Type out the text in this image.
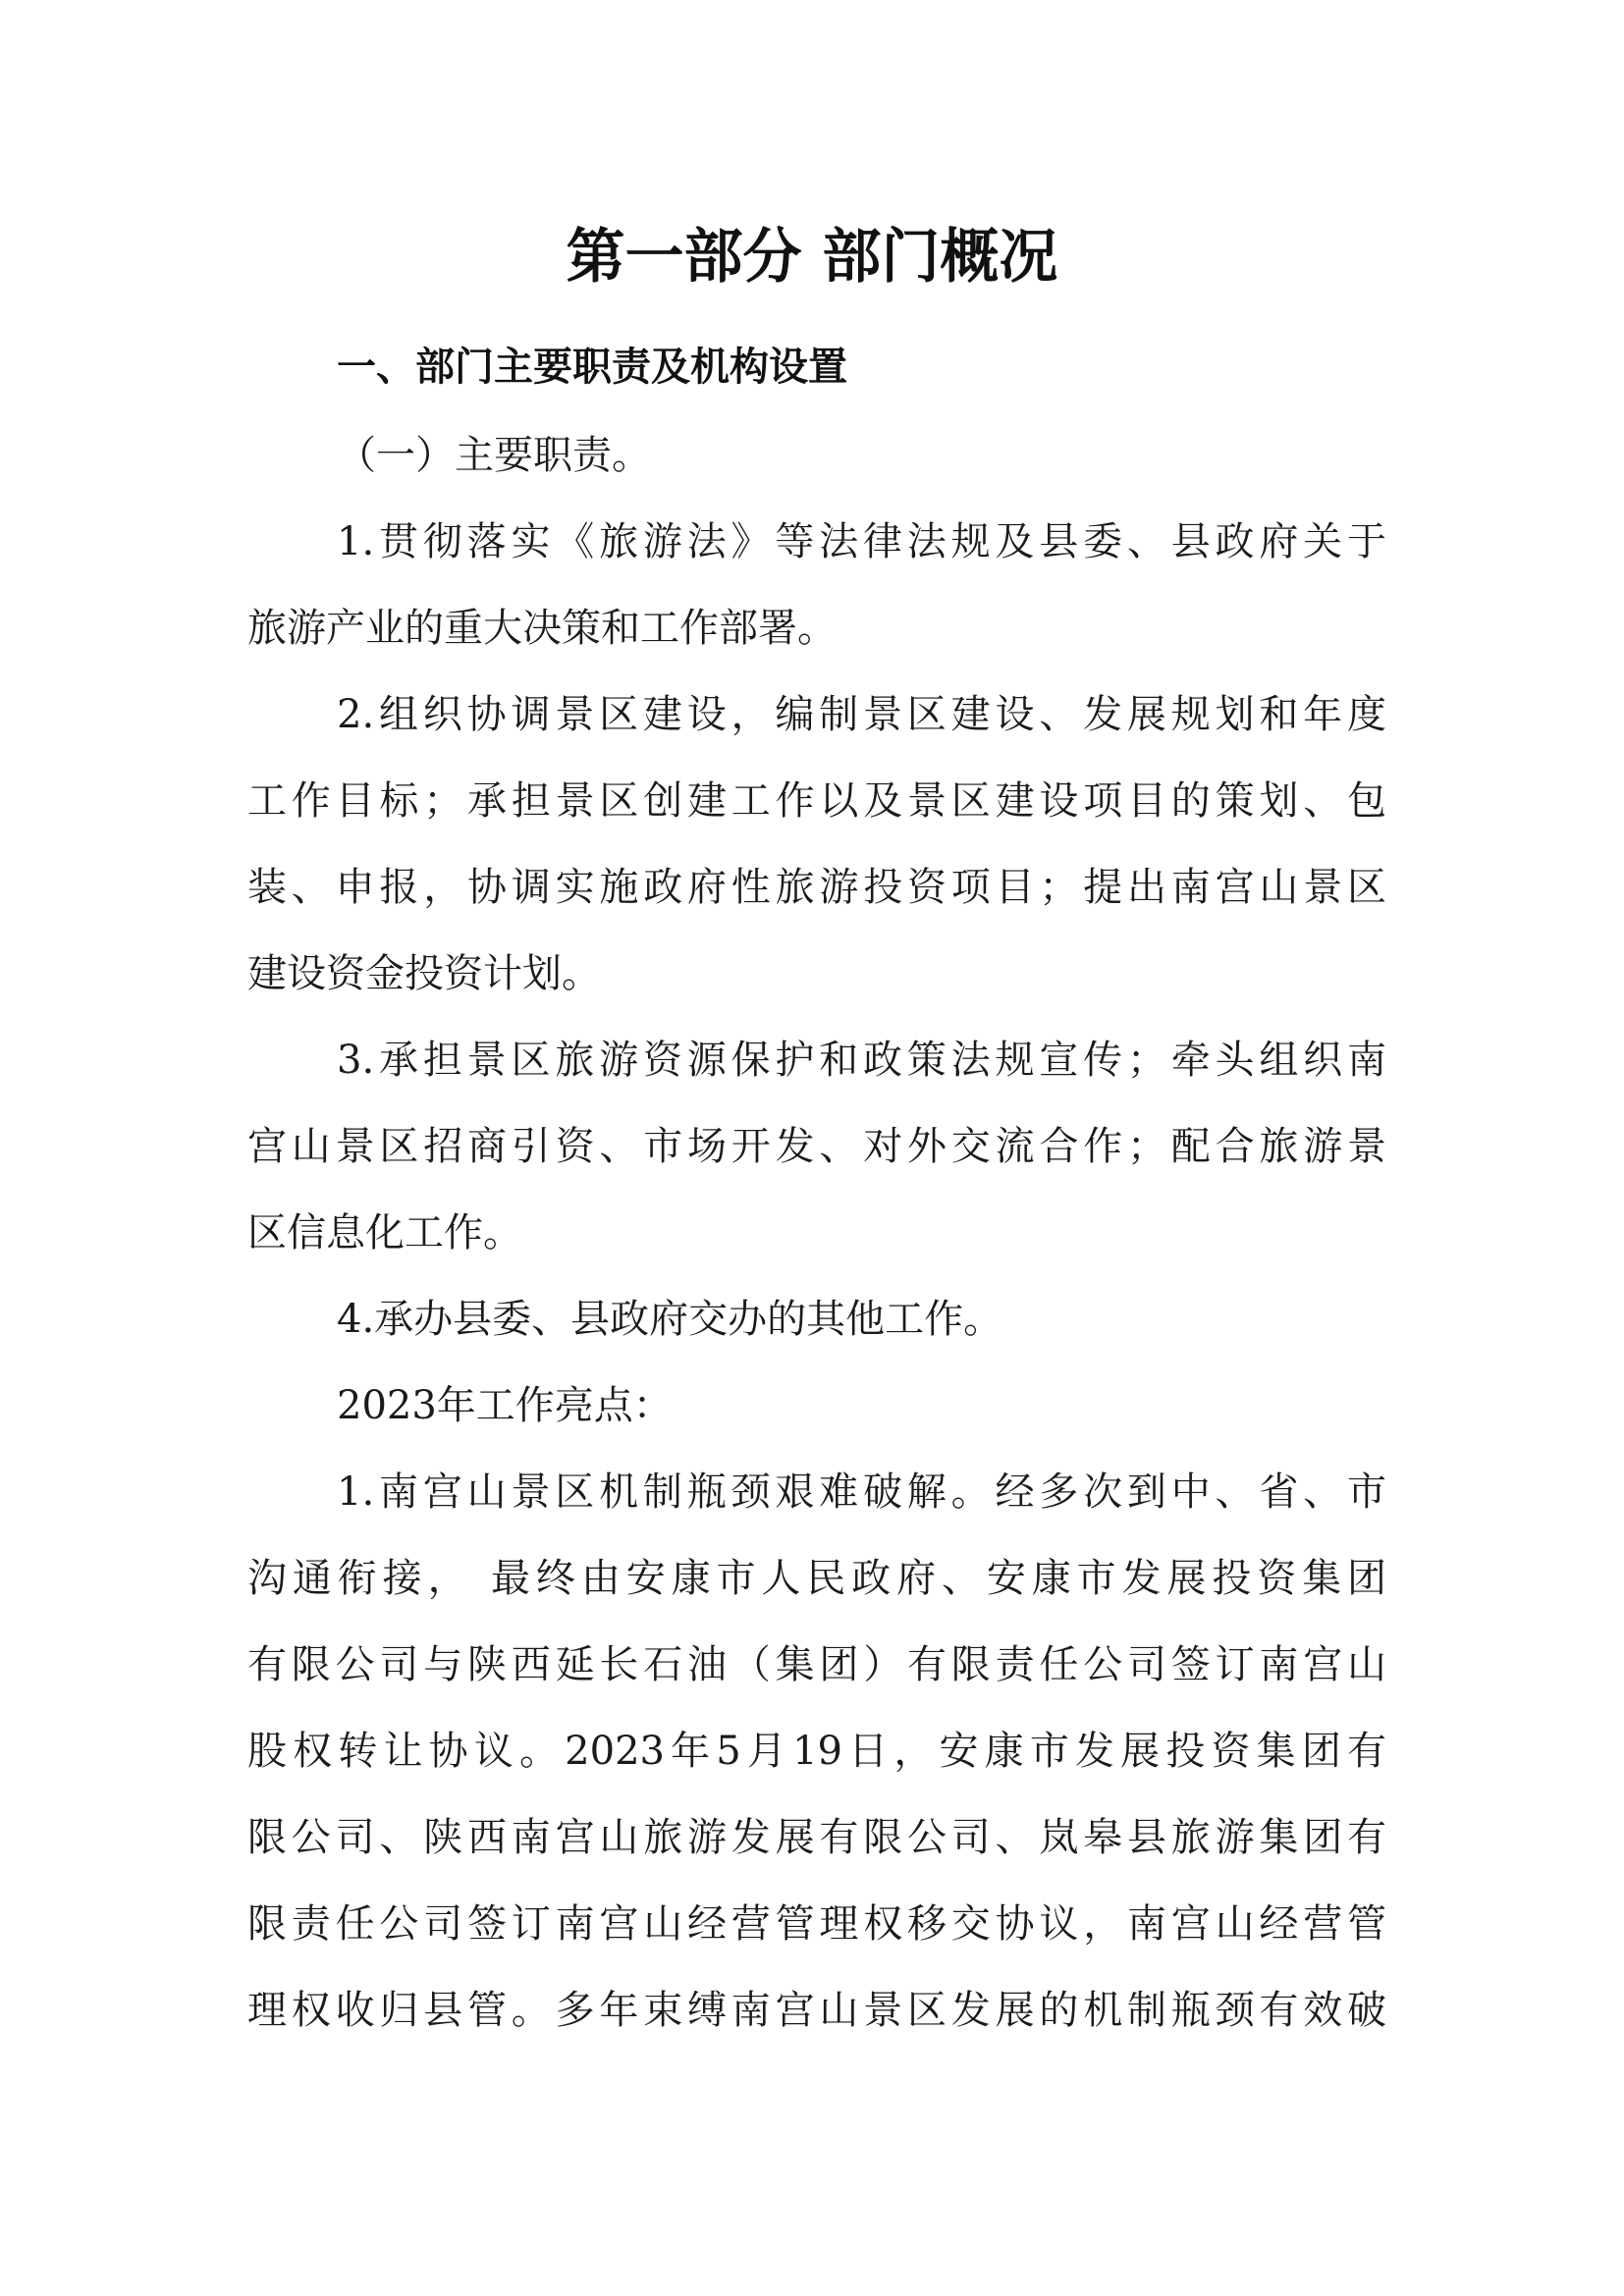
第一部分 部门概况
一、部门主要职责及机构设置

（一）主要职责。

1.贯彻落实《旅游法》等法律法规及县委、县政府关于

旅游产业的重大决策和工作部署。

2.组织协调景区建设，编制景区建设、发展规划和年度

工作目标；承担景区创建工作以及景区建设项目的策划、包

装、申报，协调实施政府性旅游投资项目；提出南宫山景区

建设资金投资计划。

3.承担景区旅游资源保护和政策法规宣传；牵头组织南

宫山景区招商引资、市场开发、对外交流合作；配合旅游景

区信息化工作。

4.承办县委、县政府交办的其他工作。

2023年工作亮点：

1.南宫山景区机制瓶颈艰难破解。经多次到中、省、市

沟通衔接， 最终由安康市人民政府、安康市发展投资集团

有限公司与陕西延长石油（集团）有限责任公司签订南宫山

股权转让协议。2023年5月19日，安康市发展投资集团有

限公司、陕西南宫山旅游发展有限公司、岚皋县旅游集团有

限责任公司签订南宫山经营管理权移交协议，南宫山经营管

理权收归县管。多年束缚南宫山景区发展的机制瓶颈有效破
